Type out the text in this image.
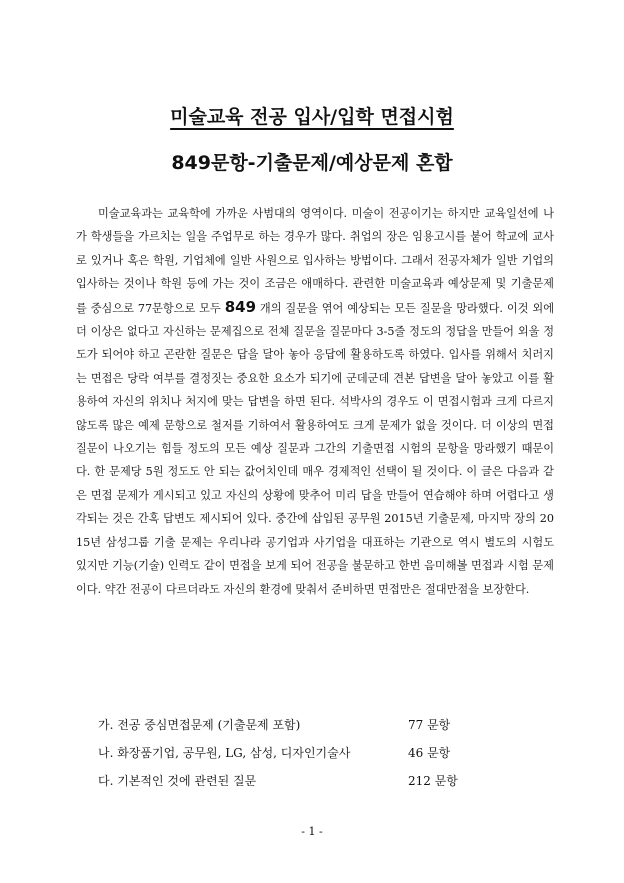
미술교육 전공 입사/입학 면접시험
849문항-기출문제/예상문제 혼합

미술교육과는 교육학에 가까운 사범대의 영역이다. 미술이 전공이기는 하지만 교육일선에 나가 학생들을 가르치는 일을 주업무로 하는 경우가 많다. 취업의 장은 임용고시를 붙어 학교에 교사로 있거나 혹은 학원, 기업체에 일반 사원으로 입사하는 방법이다. 그래서 전공자체가 일반 기업의 입사하는 것이나 학원 등에 가는 것이 조금은 애매하다. 관련한 미술교육과 예상문제 및 기출문제를 중심으로 77문항으로 모두 849 개의 질문을 엮어 예상되는 모든 질문을 망라했다. 이것 외에 더 이상은 없다고 자신하는 문제집으로 전체 질문을 질문마다 3-5줄 정도의 정답을 만들어 외울 정도가 되어야 하고 곤란한 질문은 답을 달아 놓아 응답에 활용하도록 하였다. 입사를 위해서 치러지는 면접은 당락 여부를 결정짓는 중요한 요소가 되기에 군데군데 견본 답변을 달아 놓았고 이를 활용하여 자신의 위치나 처지에 맞는 답변을 하면 된다. 석박사의 경우도 이 면접시험과 크게 다르지 않도록 많은 예제 문항으로 철저를 기하여서 활용하여도 크게 문제가 없을 것이다. 더 이상의 면접 질문이 나오기는 힘들 정도의 모든 예상 질문과 그간의 기출면접 시험의 문항을 망라했기 때문이다. 한 문제당 5원 정도도 안 되는 값어치인데 매우 경제적인 선택이 될 것이다. 이 글은 다음과 같은 면접 문제가 게시되고 있고 자신의 상황에 맞추어 미리 답을 만들어 연습해야 하며 어렵다고 생각되는 것은 간혹 답변도 제시되어 있다. 중간에 삽입된 공무원 2015년 기출문제, 마지막 장의 2015년 삼성그룹 기출 문제는 우리나라 공기업과 사기업을 대표하는 기관으로 역시 별도의 시험도 있지만 기능(기술) 인력도 같이 면접을 보게 되어 전공을 불문하고 한번 음미해볼 면접과 시험 문제이다. 약간 전공이 다르더라도 자신의 환경에 맞춰서 준비하면 면접만은 절대만점을 보장한다.

가. 전공 중심면접문제 (기출문제 포함)	77 문항
나. 화장품기업, 공무원, LG, 삼성, 디자인기술사	46 문항
다. 기본적인 것에 관련된 질문	212 문항
- 1 -
